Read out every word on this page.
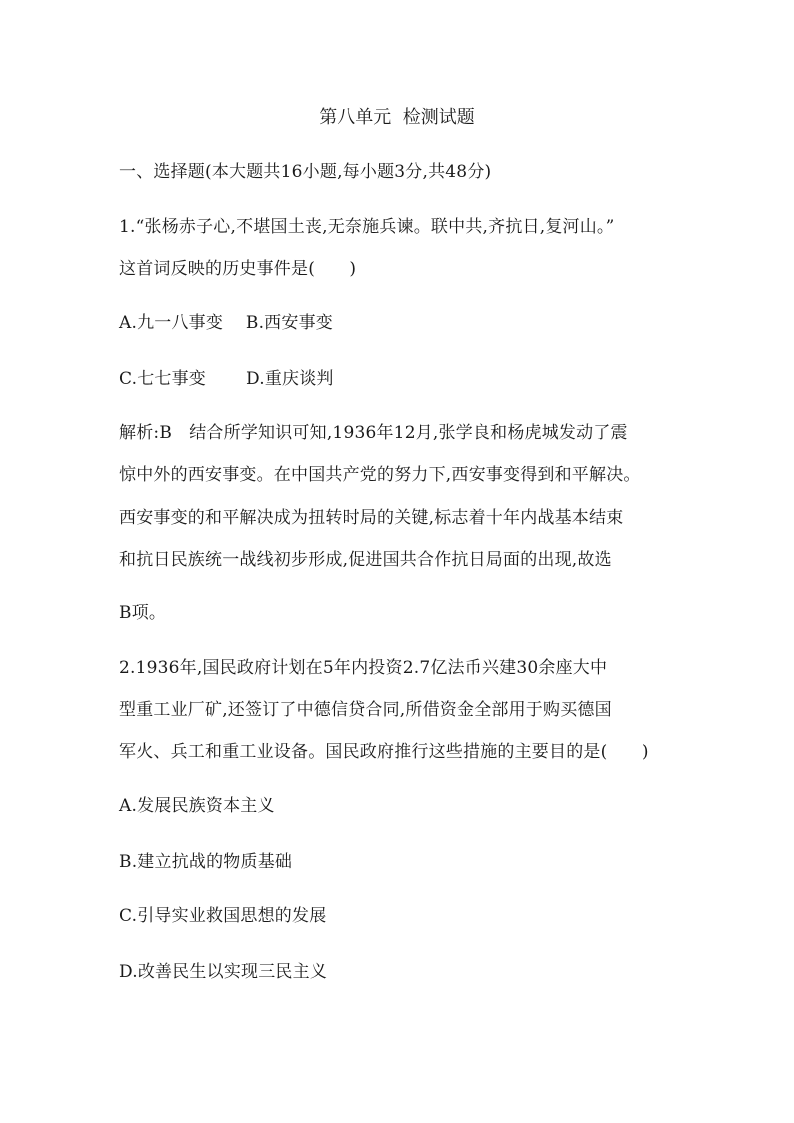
第八单元  检测试题
一、选择题(本大题共16小题,每小题3分,共48分)
1.“张杨赤子心,不堪国土丧,无奈施兵谏。联中共,齐抗日,复河山。”
这首词反映的历史事件是(　　)
A.九一八事变　 B.西安事变
C.七七事变　　 D.重庆谈判
解析:B　结合所学知识可知,1936年12月,张学良和杨虎城发动了震
惊中外的西安事变。在中国共产党的努力下,西安事变得到和平解决。
西安事变的和平解决成为扭转时局的关键,标志着十年内战基本结束
和抗日民族统一战线初步形成,促进国共合作抗日局面的出现,故选
B项。
2.1936年,国民政府计划在5年内投资2.7亿法币兴建30余座大中
型重工业厂矿,还签订了中德信贷合同,所借资金全部用于购买德国
军火、兵工和重工业设备。国民政府推行这些措施的主要目的是(　　)
A.发展民族资本主义
B.建立抗战的物质基础
C.引导实业救国思想的发展
D.改善民生以实现三民主义
